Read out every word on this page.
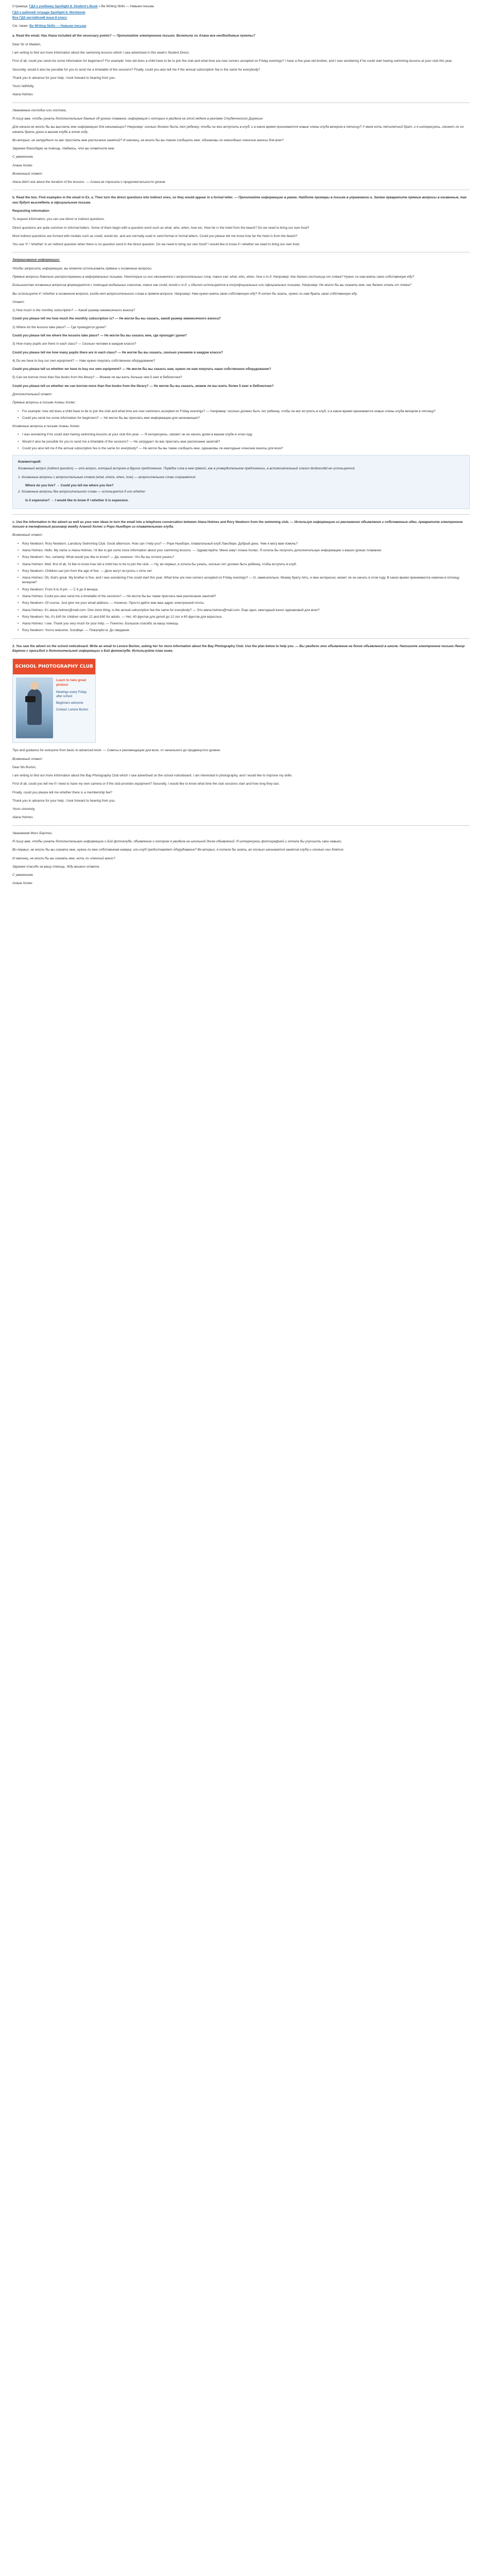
Страница: ГДЗ к учебнику Spotlight 8. Student's Book » Be Writing Skills — Навыки письма
ГДЗ к рабочей тетради Spotlight 8. Workbook
Все ГДЗ английский язык 8 класс
См. также: Be Writing Skills — Навыки письма

a. Read the email. Has Alana included all the necessary points? — Прочитайте электронное письмо. Включила ли Алана все необходимые пункты?

Dear Sir or Madam,

I am writing to find out more information about the swimming lessons which I saw advertised in this week's Student Direct.

First of all, could you send me some information for beginners? For example: how old does a child have to be to join the club and what time are new comers accepted on Friday evenings? I have a five-year-old brother, and I was wondering if he could start having swimming lessons at your club this year.

Secondly, would it also be possible for you to send me a timetable of the sessions? Finally, could you also tell me if the annual subscription fee is the same for everybody?

Thank you in advance for your help. I look forward to hearing from you.

Yours faithfully,

Alana Holmes

Уважаемые господин или госпожа,

Я пишу вам, чтобы узнать дополнительные данные об уроках плавания, информация о которых я увидела на этой неделе в рекламе Студенческого Дирекшн.

Для начала не могли бы вы выслать мне информацию для начинающих? Например: сколько должно быть лет ребенку, чтобы он мог вступить в клуб, и в какое время принимаются новые члены клуба вечером в пятницу? У меня есть пятилетний брат, и я интересуюсь, сможет ли он начать брать уроки в вашем клубе в этом году.

Во-вторых, не затруднит ли вас прислать мне расписание занятий? И наконец, не могли бы вы также сообщить мне, одинаковы ли ежегодные членские взносы для всех?

Заранее благодарю за помощь. Надеюсь, что вы ответите мне.

С уважением,

Алана Холмс

Возможный ответ:

Alana didn't ask about the duration of the lessons. — Алана не спросила о продолжительности уроков.

b. Read the box. Find examples in the email in Ex. a. Then turn the direct questions into indirect ones, so they would appear in a formal letter. — Прочитайте информацию в рамке. Найдите примеры в письме в упражнении a. Затем превратите прямые вопросы в косвенные, так они будут выглядеть в официальном письме.

Requesting information

To request information, you can use direct or indirect questions.

Direct questions are quite common in informal letters. Some of them begin with a question word such as what, who, when, how etc. How far is the hotel from the beach? Do we need to bring our own food?

Most indirect questions are formed with modals such as could, would etc. and are normally used in semi-formal or formal letters. Could you please tell me know how far the hotel is from the beach?

You use 'if' / 'whether' in an indirect question when there is no question word in the direct question. Do we need to bring our own food? I would like to know if / whether we need to bring our own food.

Запрашивание информации:

Чтобы запросить информацию, вы можете использовать прямые и косвенные вопросы.

Прямые вопросы довольно распространены в неформальных письмах. Некоторые из них начинаются с вопросительных слов, таких как: what, who, when, how и т.д. Например: Как далеко гостиница от пляжа? Нужно ли нам взять свою собственную еду?

Большинство косвенных вопросов формируются с помощью модальных глаголов, таких как could, would и т.д. и обычно используются в полуофициальных или официальных письмах. Например: Не могли бы вы сказать мне, как далеко отель от пляжа?

Вы используете if / whether в косвенном вопросе, когда нет вопросительного слова в прямом вопросе. Например: Нам нужно взять свою собственную еду? Я хотел бы знать, нужно ли нам брать свою собственную еду.

Ответ:

1) How much is the monthly subscription? — Какой размер ежемесячного взноса?

Could you please tell me how much the monthly subscription is? — Не могли бы вы сказать, какой размер ежемесячного взноса?

2) Where do the lessons take place? — Где проводятся уроки?

Could you please tell me where the lessons take place? — Не могли бы вы сказать мне, где проходят уроки?

3) How many pupils are there in each class? — Сколько человек в каждом классе?

Could you please tell me how many pupils there are in each class? — Не могли бы вы сказать, сколько учеников в каждом классе?

4) Do we have to buy our own equipment? — Нам нужно покупать собственное оборудование?

Could you please tell us whether we have to buy our own equipment? — Не могли бы вы сказать нам, нужно ли нам покупать наше собственное оборудование?

5) Can we borrow more than five books from the library? — Можем ли мы взять больше чем 5 книг в библиотеке?

Could you please tell us whether we can borrow more than five books from the library? — Не могли бы вы сказать, можем ли мы взять более 5 книг в библиотеке?

Дополнительный ответ:

Прямые вопросы в письме Аланы Холмс:

• For example: how old does a child have to be to join the club and what time are new swimmers accepted on Friday evenings? — Например: сколько должно быть лет ребенку, чтобы он мог вступить в клуб, и в какое время принимаются новые члены клуба вечером в пятницу?
• Could you send me some information for beginners? — Не могли бы вы прислать мне информацию для начинающих?

Косвенные вопросы в письме Аланы Холмс:

• I was wondering if he could start having swimming lessons at your club this year. — Я интересуюсь, сможет ли он начать уроки в вашем клубе в этом году.
• Would it also be possible for you to send me a timetable of the sessions? — Не затруднит ли вас прислать мне расписание занятий?
• Could you also tell me if the annual subscription fee is the same for everybody? — Не могли бы вы также сообщить мне, одинаковы ли ежегодные членские взносы для всех?
Комментарий:

Косвенный вопрос (indirect question) — это вопрос, который встроен в другое предложение. Порядок слов в нем прямой, как в утвердительном предложении, а вспомогательный глагол do/does/did не используется.

1. Косвенные вопросы с вопросительным словом (what, where, when, how) — вопросительное слово сохраняется:

Where do you live? → Could you tell me where you live?

2. Косвенные вопросы без вопросительного слова — используется if или whether:

Is it expensive? → I would like to know if / whether it is expensive.

c. Use the information in the advert as well as your own ideas to turn the email into a telephone conversation between Alana Holmes and Rory Newborn from the swimming club. — Используя информацию из рекламного объявления и собственные идеи, превратите электронное письмо в телефонный разговор между Аланой Холмс и Рори Ньюборн из плавательного клуба.

Возможный ответ:

• Rory Newborn: Rory Newborn, Lansbury Swimming Club. Good afternoon. How can I help you? — Рори Ньюборн, плавательный клуб Лансбери. Добрый день. Чем я могу вам помочь?
• Alana Holmes: Hello. My name is Alana Holmes. I'd like to get some more information about your swimming lessons. — Здравствуйте. Меня зовут Алана Холмс. Я хотела бы получить дополнительную информацию о ваших уроках плавания.
• Rory Newborn: Yes, certainly. What would you like to know? — Да, конечно. Что бы вы хотели узнать?
• Alana Holmes: Well, first of all, I'd like to know how old a child has to be to join the club. — Ну, во-первых, я хотела бы узнать, сколько лет должно быть ребенку, чтобы вступить в клуб.
• Rory Newborn: Children can join from the age of five. — Дети могут вступать с пяти лет.
• Alana Holmes: Oh, that's great. My brother is five, and I was wondering if he could start this year. What time are new comers accepted on Friday evenings? — О, замечательно. Моему брату пять, и мне интересно, может ли он начать в этом году. В какое время принимаются новички в пятницу вечером?
• Rory Newborn: From 6 to 8 pm. — С 6 до 8 вечера.
• Alana Holmes: Could you also send me a timetable of the sessions? — Не могли бы вы также прислать мне расписание занятий?
• Rory Newborn: Of course. Just give me your email address. — Конечно. Просто дайте мне ваш адрес электронной почты.
• Alana Holmes: It's alana.holmes@mail.com. One more thing, is the annual subscription fee the same for everybody? — Это alana.holmes@mail.com. Еще одно, ежегодный взнос одинаковый для всех?
• Rory Newborn: No, it's £40 for children under 12 and £60 for adults. — Нет, 40 фунтов для детей до 12 лет и 60 фунтов для взрослых.
• Alana Holmes: I see. Thank you very much for your help. — Понятно. Большое спасибо за вашу помощь.
• Rory Newborn: You're welcome. Goodbye. — Пожалуйста. До свидания.

2. You saw the advert on the school noticeboard. Write an email to Lenore Burton, asking her for more information about the Bay Photography Club. Use the plan below to help you. — Вы увидели это объявление на доске объявлений в школе. Напишите электронное письмо Ленор Бертон с просьбой о дополнительной информации о Бэй фотоклубе. Используйте план ниже.

SCHOOL PHOTOGRAPHY CLUB
Learn to take great photos!
Meetings every Friday after school
Beginners welcome
Contact: Lenore Burton

Tips and guidance for everyone from basic to advanced level. — Советы и рекомендации для всех, от начального до продвинутого уровня.

Возможный ответ:

Dear Ms Burton,

I am writing to find out more information about the Bay Photography Club which I saw advertised on the school noticeboard. I am interested in photography, and I would like to improve my skills.

First of all, could you tell me if I need to have my own camera or if the club provides equipment? Secondly, I would like to know what time the club sessions start and how long they last.

Finally, could you please tell me whether there is a membership fee?

Thank you in advance for your help. I look forward to hearing from you.

Yours sincerely,

Alana Holmes

Уважаемая Мисс Бертон,

Я пишу вам, чтобы узнать дополнительную информацию о Бэй фотоклубе, объявление о котором я увидела на школьной доске объявлений. Я интересуюсь фотографией и хотела бы улучшить свои навыки.

Во-первых, не могли бы вы сказать мне, нужна ли мне собственная камера, или клуб предоставляет оборудование? Во-вторых, я хотела бы знать, во сколько начинаются занятия клуба и сколько они длятся.

И наконец, не могли бы вы сказать мне, есть ли членский взнос?

Заранее спасибо за вашу помощь. Жду вашего ответа.

С уважением,

Алана Холмс
